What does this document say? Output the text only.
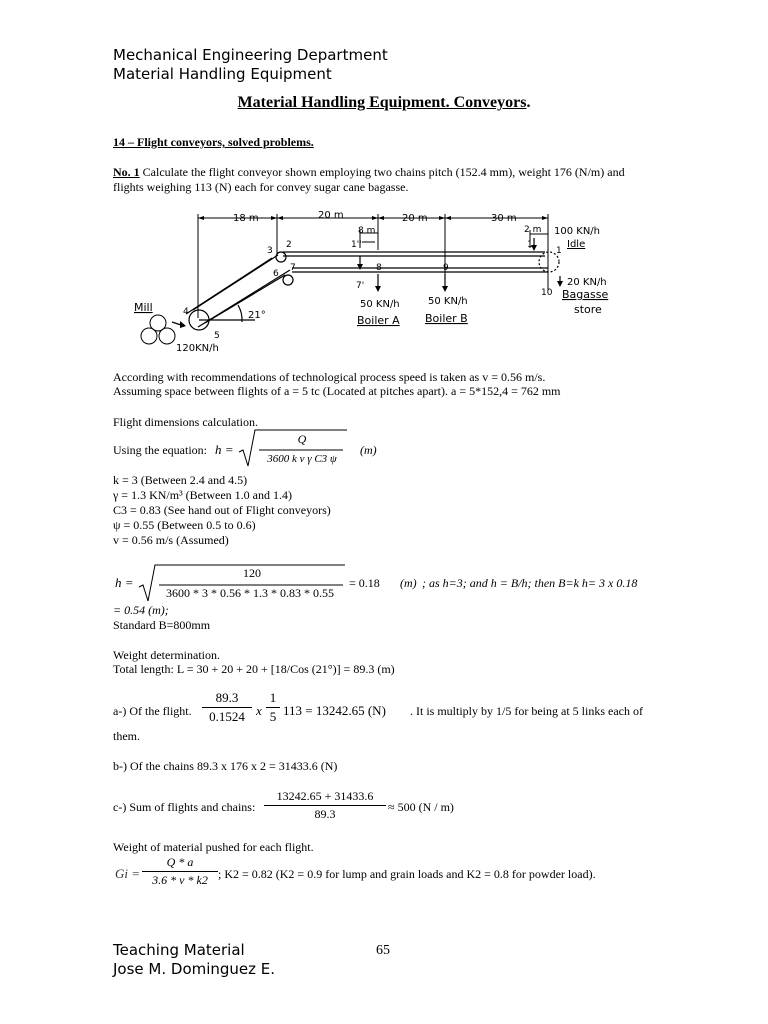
Mechanical Engineering Department
Material Handling Equipment
Material Handling Equipment. Conveyors.
14 – Flight conveyors, solved problems.
No. 1 Calculate the flight conveyor shown employing two chains pitch (152.4 mm), weight 176 (N/m) and
flights weighing 113 (N) each for convey sugar cane bagasse.
18 m	20 m	20 m	30 m
8 m	2 m 100 KN/h
Idle
20 KN/h
Bagasse
store
Mill
120KN/h
21°
50 KN/h
Boiler A
50 KN/h
Boiler B
1
1'
1''
2
3
4
5
6
7
7'
8	9
10
According with recommendations of technological process speed is taken as v = 0.56 m/s.
Assuming space between flights of a = 5 tc (Located at pitches apart). a = 5*152,4 = 762 mm
Flight dimensions calculation.
Using the equation: h =
Q
3600 k v γ C3 ψ
(m)
k = 3 (Between 2.4 and 4.5)
γ = 1.3 KN/m³ (Between 1.0 and 1.4)
C3 = 0.83 (See hand out of Flight conveyors)
ψ = 0.55 (Between 0.5 to 0.6)
v = 0.56 m/s (Assumed)
h =
120
3600 * 3 * 0.56 * 1.3 * 0.83 * 0.55
= 0.18 (m) ; as h=3; and h = B/h; then B=k h= 3 x 0.18
= 0.54 (m);
Standard B=800mm
Weight determination.
Total length: L = 30 + 20 + 20 + [18/Cos (21°)] = 89.3 (m)
a-) Of the flight.
89.3
0.1524 x
1
5 113 = 13242.65 (N) . It is multiply by 1/5 for being at 5 links each of
them.
b-) Of the chains 89.3 x 176 x 2 = 31433.6 (N)
c-) Sum of flights and chains:
13242.65 + 31433.6
89.3	≈ 500 (N / m)
Weight of material pushed for each flight.
Gi =
Q * a
3.6 * v * k2 ; K2 = 0.82 (K2 = 0.9 for lump and grain loads and K2 = 0.8 for powder load).
Teaching Material
Jose M. Dominguez E.
65
